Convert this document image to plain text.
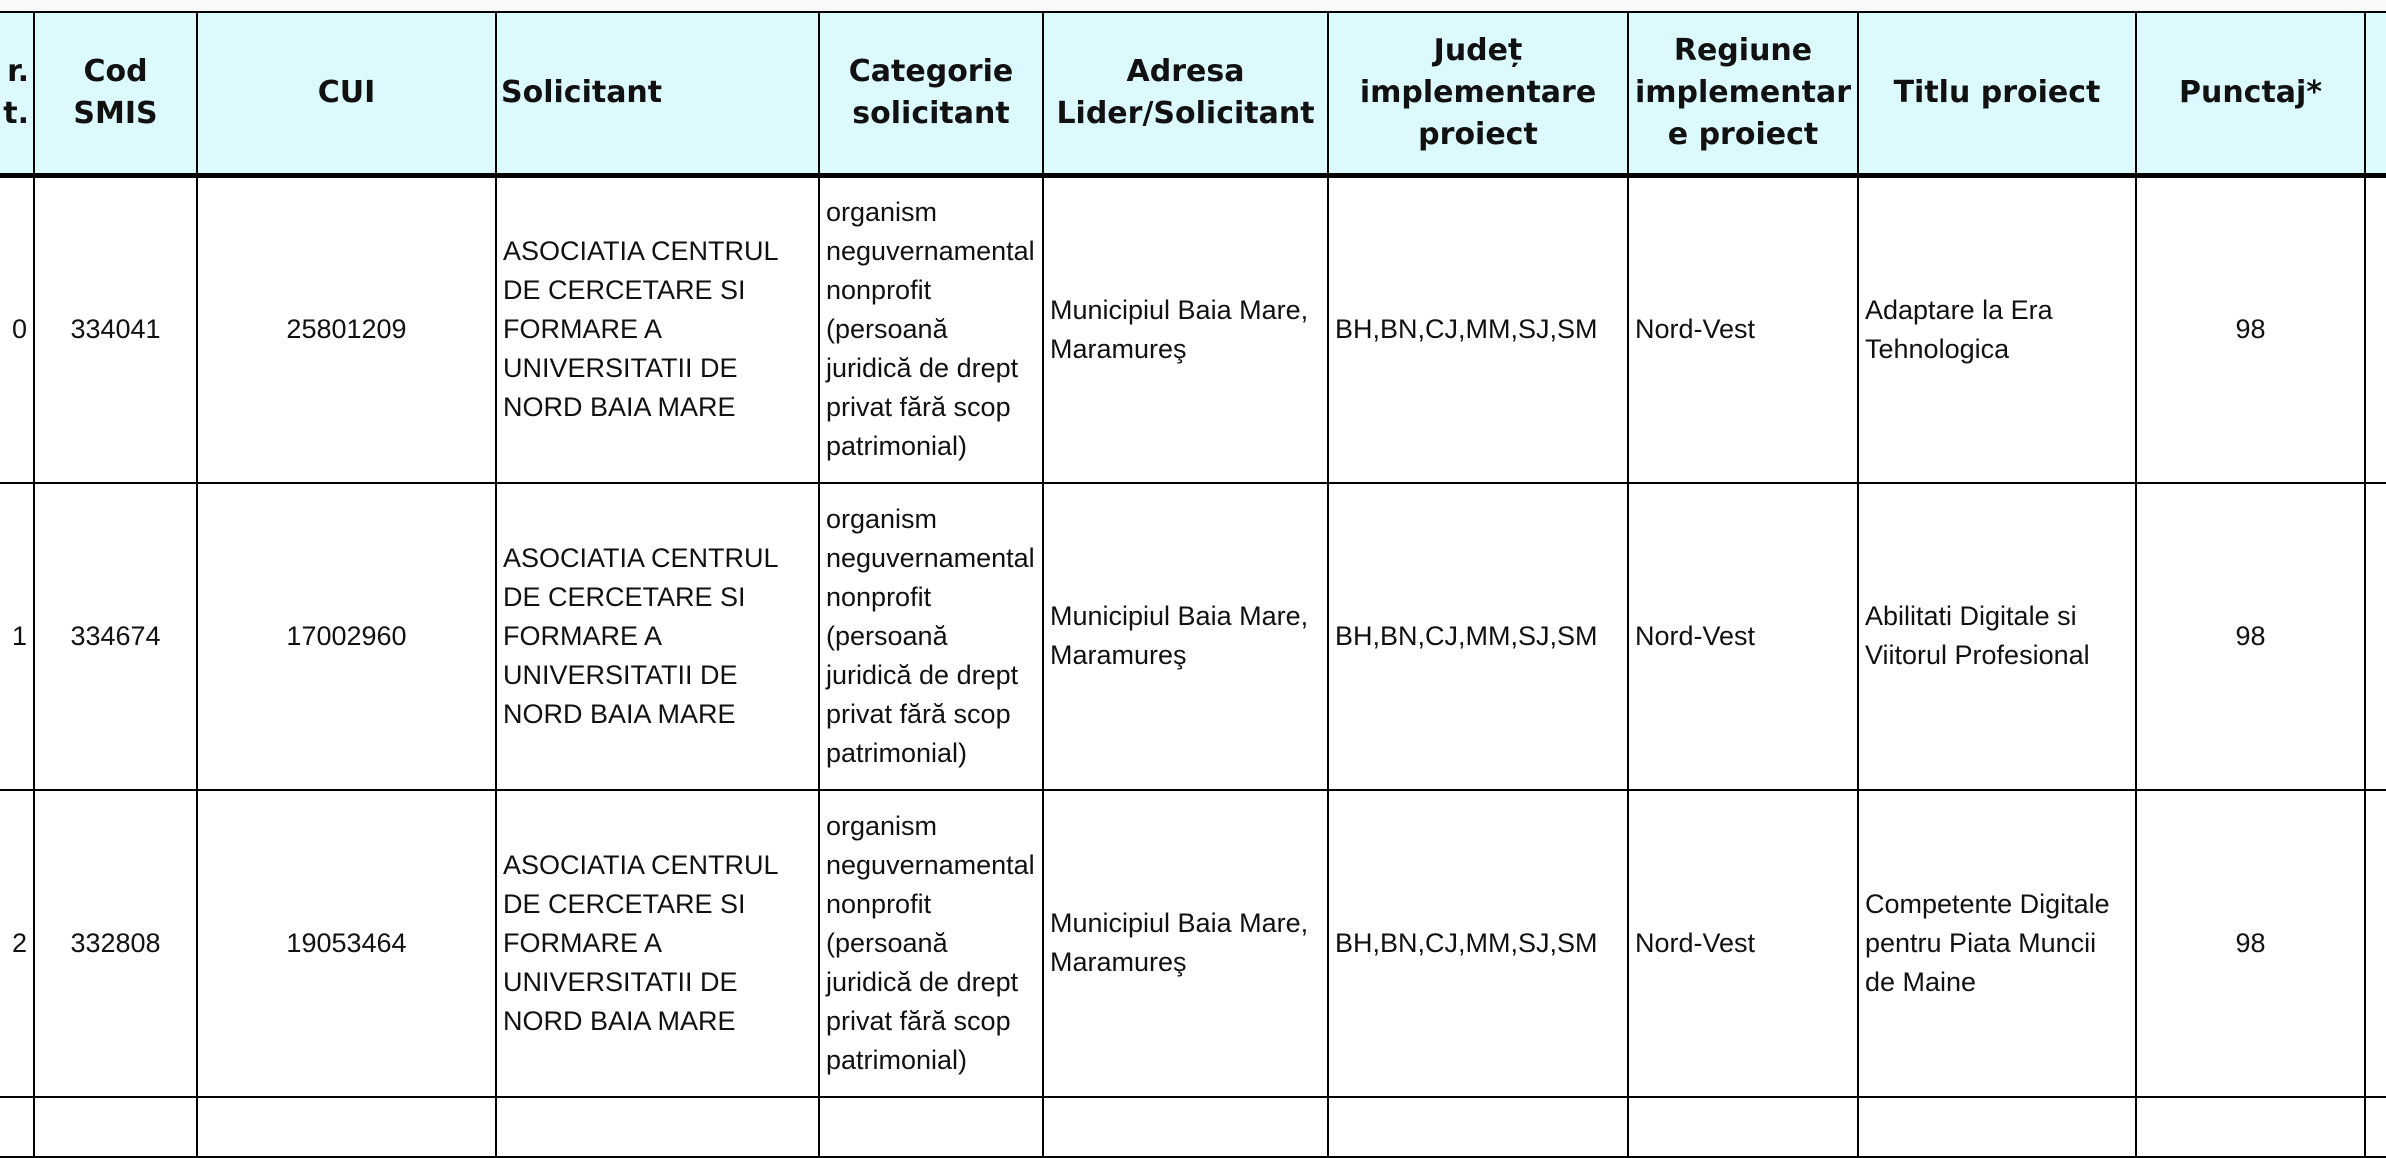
r.
t.	Cod SMIS	CUI	Solicitant	Categorie solicitant	Adresa Lider/Solicitant	Județ implementare proiect	Regiune implementar e proiect	Titlu proiect	Punctaj*	
0	334041	25801209	ASOCIATIA CENTRUL DE CERCETARE SI FORMARE A UNIVERSITATII DE NORD BAIA MARE	organism neguvernamental nonprofit (persoană juridică de drept privat fără scop patrimonial)	Municipiul Baia Mare, Maramureş	BH,BN,CJ,MM,SJ,SM	Nord-Vest	Adaptare la Era Tehnologica	98	
1	334674	17002960	ASOCIATIA CENTRUL DE CERCETARE SI FORMARE A UNIVERSITATII DE NORD BAIA MARE	organism neguvernamental nonprofit (persoană juridică de drept privat fără scop patrimonial)	Municipiul Baia Mare, Maramureş	BH,BN,CJ,MM,SJ,SM	Nord-Vest	Abilitati Digitale si Viitorul Profesional	98	
2	332808	19053464	ASOCIATIA CENTRUL DE CERCETARE SI FORMARE A UNIVERSITATII DE NORD BAIA MARE	organism neguvernamental nonprofit (persoană juridică de drept privat fără scop patrimonial)	Municipiul Baia Mare, Maramureş	BH,BN,CJ,MM,SJ,SM	Nord-Vest	Competente Digitale pentru Piata Muncii de Maine	98	
